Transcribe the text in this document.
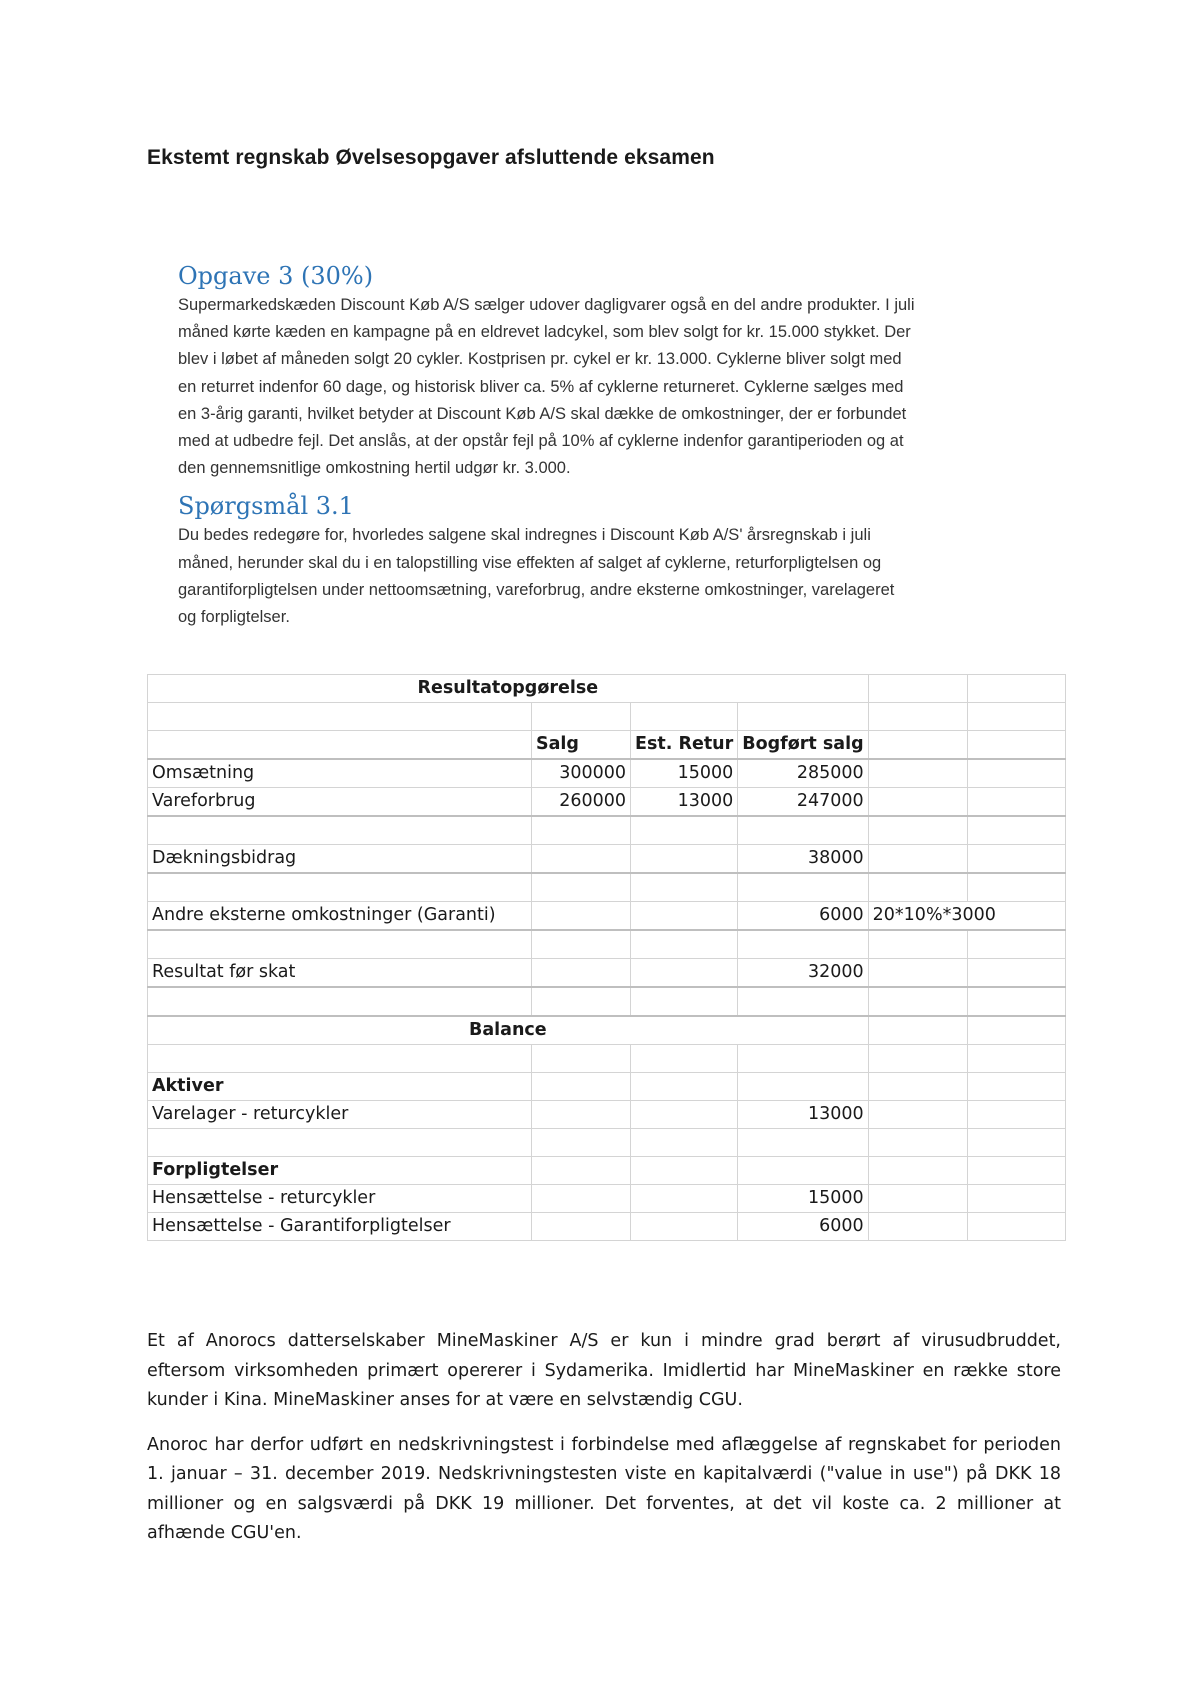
Ekstemt regnskab Øvelsesopgaver afsluttende eksamen
Opgave 3 (30%)

Supermarkedskæden Discount Køb A/S sælger udover dagligvarer også en del andre produkter. I juli
måned kørte kæden en kampagne på en eldrevet ladcykel, som blev solgt for kr. 15.000 stykket. Der
blev i løbet af måneden solgt 20 cykler. Kostprisen pr. cykel er kr. 13.000. Cyklerne bliver solgt med
en returret indenfor 60 dage, og historisk bliver ca. 5% af cyklerne returneret. Cyklerne sælges med
en 3-årig garanti, hvilket betyder at Discount Køb A/S skal dække de omkostninger, der er forbundet
med at udbedre fejl. Det anslås, at der opstår fejl på 10% af cyklerne indenfor garantiperioden og at
den gennemsnitlige omkostning hertil udgør kr. 3.000.

Spørgsmål 3.1

Du bedes redegøre for, hvorledes salgene skal indregnes i Discount Køb A/S' årsregnskab i juli
måned, herunder skal du i en talopstilling vise effekten af salget af cyklerne, returforpligtelsen og
garantiforpligtelsen under nettoomsætning, vareforbrug, andre eksterne omkostninger, varelageret
og forpligtelser.

Resultatopgørelse					

	Salg	Est. Retur	Bogført salg		
Omsætning	300000	15000	285000		
Vareforbrug	260000	13000	247000		

Dækningsbidrag			38000		

Andre eksterne omkostninger (Garanti)			6000	20*10%*3000	

Resultat før skat			32000		

Balance					

Aktiver					
Varelager - returcykler			13000		

Forpligtelser					
Hensættelse - returcykler			15000		
Hensættelse - Garantiforpligtelser			6000		

Et af Anorocs datterselskaber MineMaskiner A/S er kun i mindre grad berørt af virusudbruddet, eftersom virksomheden primært opererer i Sydamerika. Imidlertid har MineMaskiner en række store kunder i Kina. MineMaskiner anses for at være en selvstændig CGU.

Anoroc har derfor udført en nedskrivningstest i forbindelse med aflæggelse af regnskabet for perioden 1. januar – 31. december 2019. Nedskrivningstesten viste en kapitalværdi ("value in use") på DKK 18 millioner og en salgsværdi på DKK 19 millioner. Det forventes, at det vil koste ca. 2 millioner at afhænde CGU'en.
